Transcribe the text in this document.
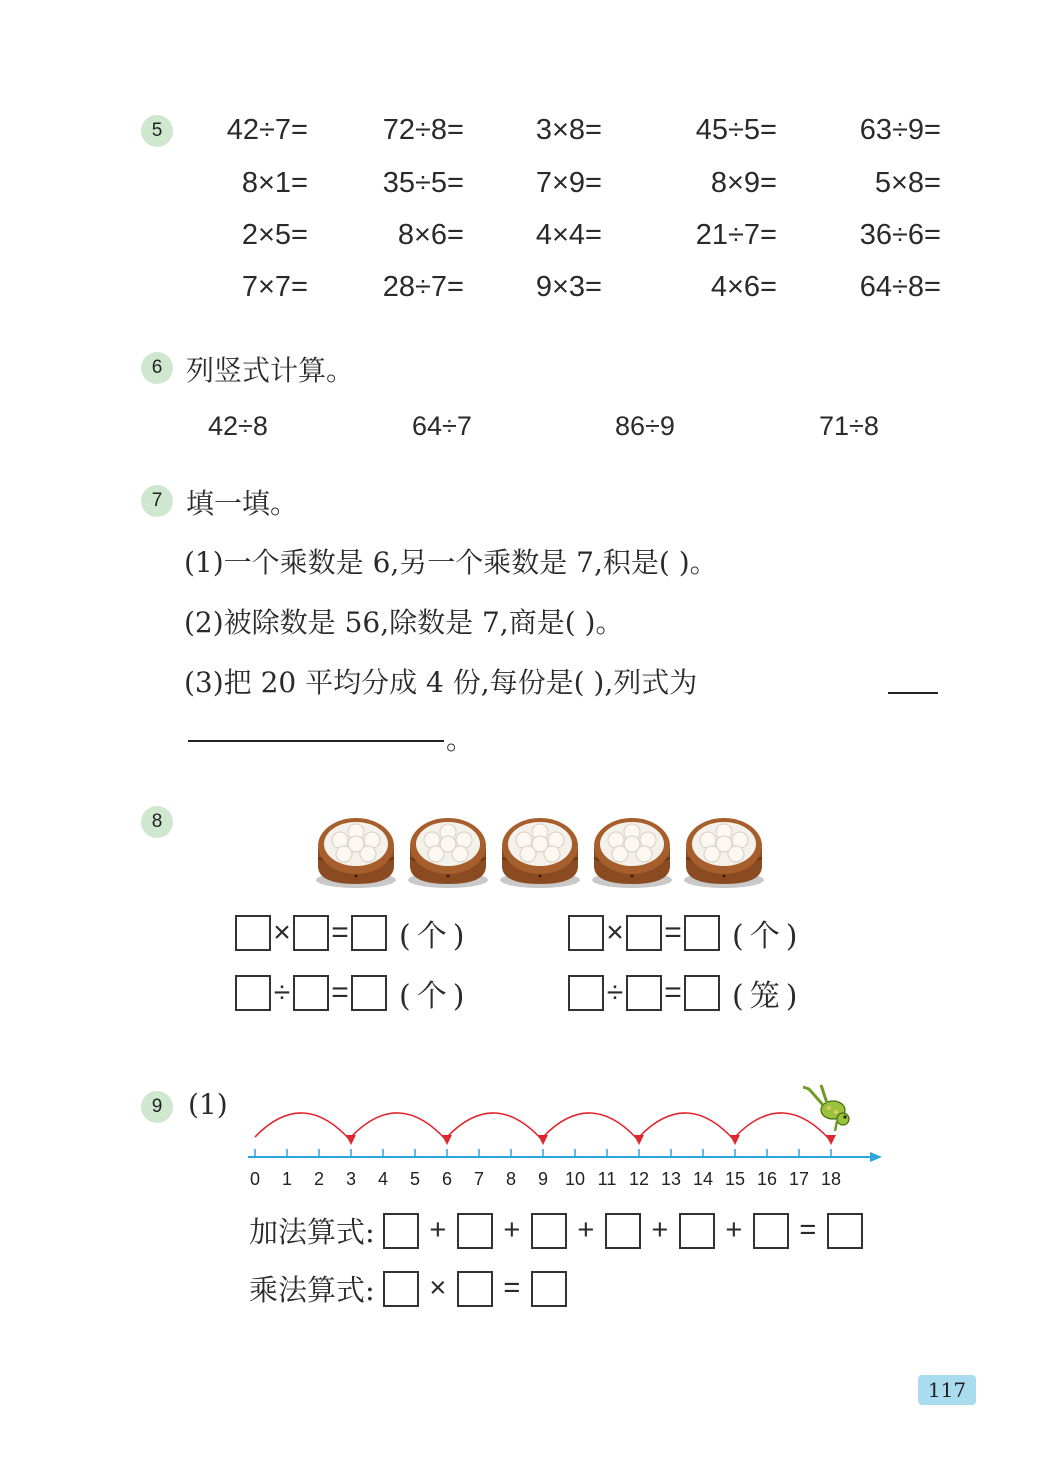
5	42÷7=	72÷8= 3×8=	45÷5=	63÷9=
8×1=	35÷5= 7×9=	8×9=	5×8=
2×5=	8×6= 4×4=	21÷7=	36÷6=
7×7=	28÷7= 9×3=	4×6=	64÷8=
6 列竖式计算。
42÷8	64÷7	86÷9	71÷8
7 填一填。
(1)一个乘数是 6,另一个乘数是 7,积是( )。
(2)被除数是 56,除数是 7,商是( )。
(3)把 20 平均分成 4 份,每份是( ),列式为
。
8
× = (个)	× = (个)
÷ = (个)	÷ = (笼)
9 (1)
0 1 2 3 4 5 6 7 8 9 10 11 12 13 14 15 16 17 18
加法算式:	+	+	+	+	+	=
乘法算式:	×	=
117
